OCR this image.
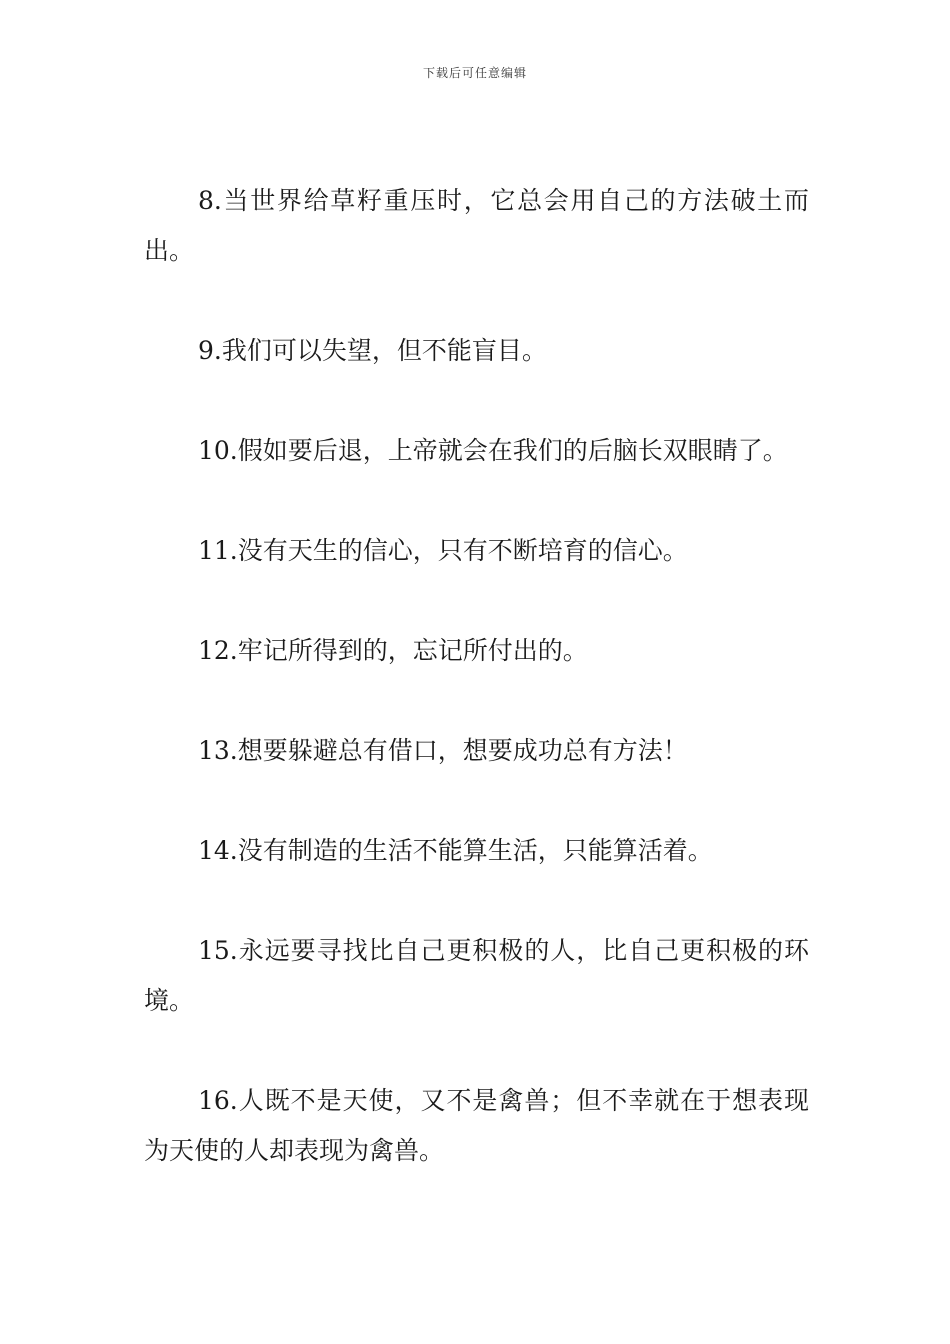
下载后可任意编辑

8.当世界给草籽重压时，它总会用自己的方法破土而出。

9.我们可以失望，但不能盲目。

10.假如要后退，上帝就会在我们的后脑长双眼睛了。

11.没有天生的信心，只有不断培育的信心。

12.牢记所得到的，忘记所付出的。

13.想要躲避总有借口，想要成功总有方法！

14.没有制造的生活不能算生活，只能算活着。

15.永远要寻找比自己更积极的人，比自己更积极的环境。

16.人既不是天使，又不是禽兽；但不幸就在于想表现为天使的人却表现为禽兽。
